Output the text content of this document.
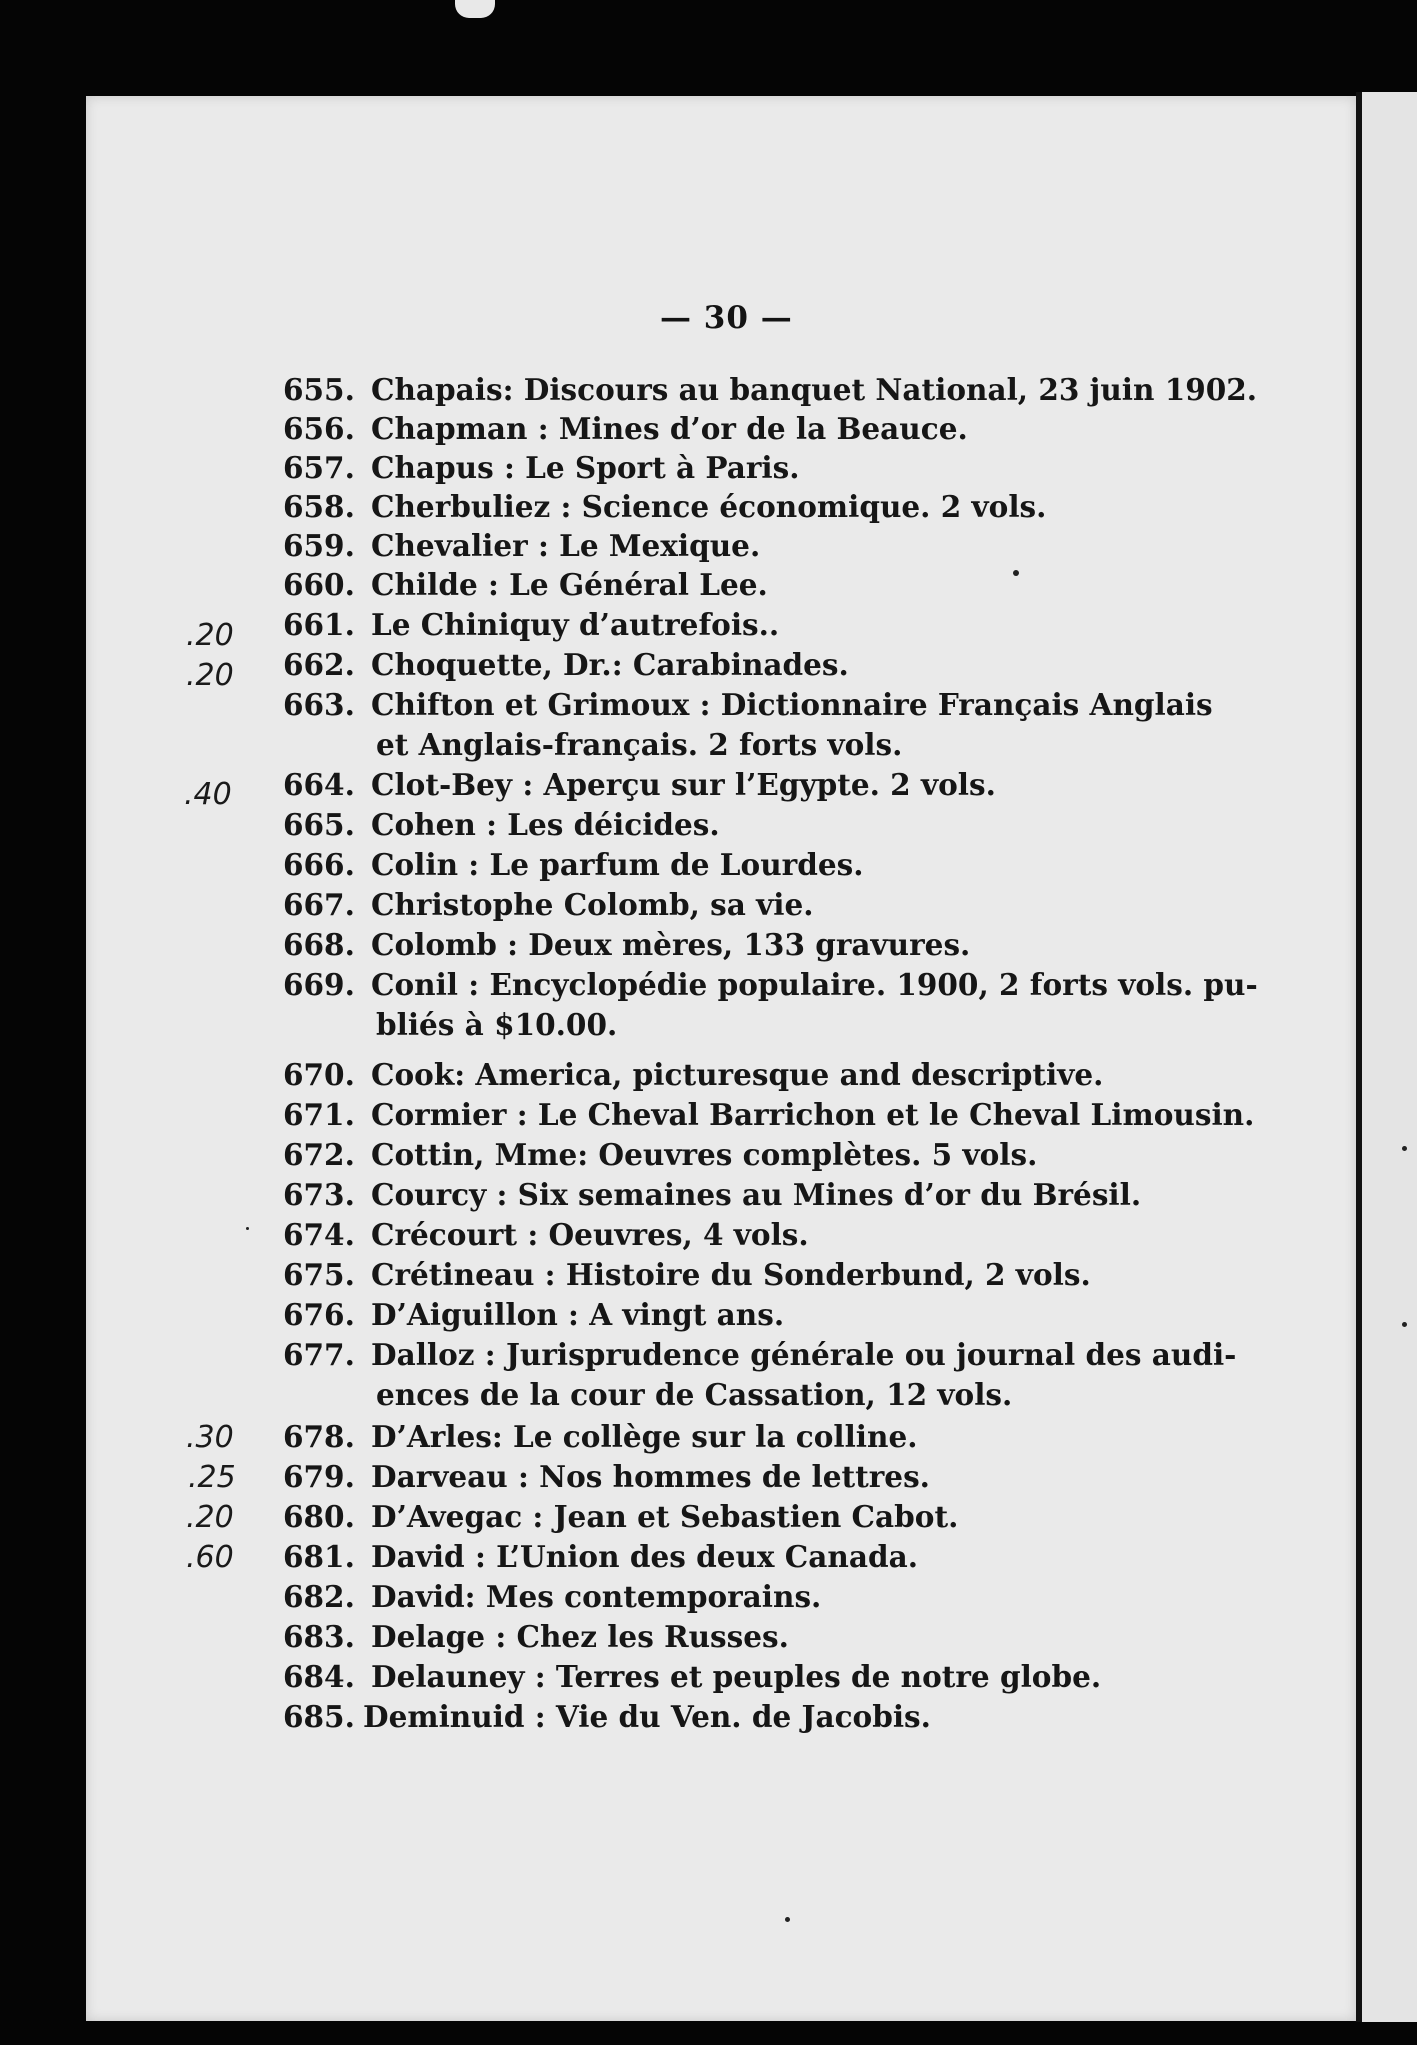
— 30 —
655. Chapais: Discours au banquet National, 23 juin 1902.
656. Chapman : Mines d’or de la Beauce.
657. Chapus : Le Sport à Paris.
658. Cherbuliez : Science économique. 2 vols.
659. Chevalier : Le Mexique.
660. Childe : Le Général Lee.
661. Le Chiniquy d’autrefois..
662. Choquette, Dr.: Carabinades.
663. Chifton et Grimoux : Dictionnaire Français Anglais
et Anglais-français. 2 forts vols.
664. Clot-Bey : Aperçu sur l’Egypte. 2 vols.
665. Cohen : Les déicides.
666. Colin : Le parfum de Lourdes.
667. Christophe Colomb, sa vie.
668. Colomb : Deux mères, 133 gravures.
669. Conil : Encyclopédie populaire. 1900, 2 forts vols. pu-
bliés à $10.00.
670. Cook: America, picturesque and descriptive.
671. Cormier : Le Cheval Barrichon et le Cheval Limousin.
672. Cottin, Mme: Oeuvres complètes. 5 vols.
673. Courcy : Six semaines au Mines d’or du Brésil.
674. Crécourt : Oeuvres, 4 vols.
675. Crétineau : Histoire du Sonderbund, 2 vols.
676. D’Aiguillon : A vingt ans.
677. Dalloz : Jurisprudence générale ou journal des audi-
ences de la cour de Cassation, 12 vols.
678. D’Arles: Le collège sur la colline.
679. Darveau : Nos hommes de lettres.
680. D’Avegac : Jean et Sebastien Cabot.
681. David : L’Union des deux Canada.
682. David: Mes contemporains.
683. Delage : Chez les Russes.
684. Delauney : Terres et peuples de notre globe.
685. Deminuid : Vie du Ven. de Jacobis.
.20
.20
.40
.30
.25
.20
.60
